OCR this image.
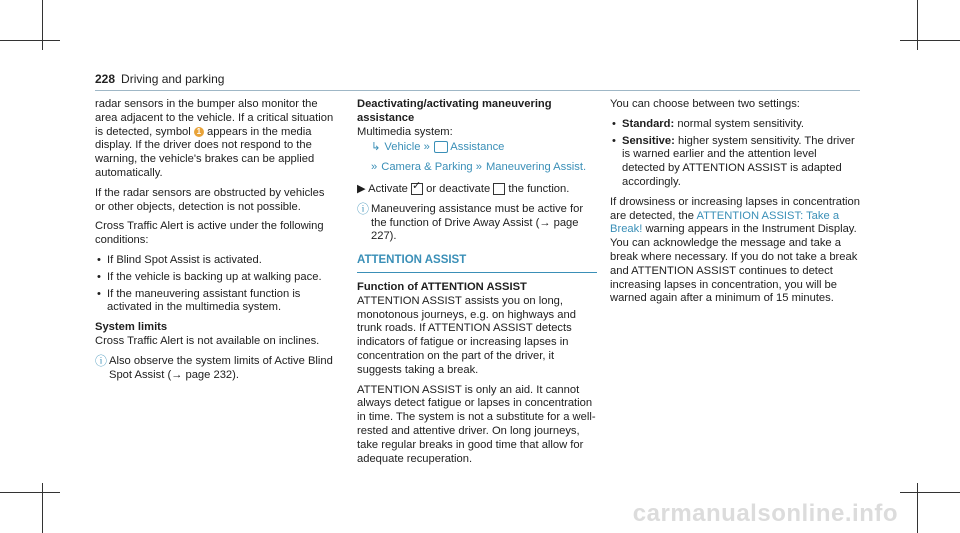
228 Driving and parking

radar sensors in the bumper also monitor the area adjacent to the vehicle. If a critical situation is detected, symbol 1 appears in the media display. If the driver does not respond to the warning, the vehicle's brakes can be applied automatically.

If the radar sensors are obstructed by vehicles or other objects, detection is not possible.

Cross Traffic Alert is active under the following conditions:

• If Blind Spot Assist is activated.
• If the vehicle is backing up at walking pace.
• If the maneuvering assistant function is activated in the multimedia system.

System limits

Cross Traffic Alert is not available on inclines.

ⓘ Also observe the system limits of Active Blind Spot Assist (→ page 232).

Deactivating/activating maneuvering assistance

Multimedia system:

↳ Vehicle » Assistance

» Camera & Parking » Maneuvering Assist.

▶ Activate ✓ or deactivate the function.

ⓘ Maneuvering assistance must be active for the function of Drive Away Assist (→ page 227).
ATTENTION ASSIST

Function of ATTENTION ASSIST

ATTENTION ASSIST assists you on long, monotonous journeys, e.g. on highways and trunk roads. If ATTENTION ASSIST detects indicators of fatigue or increasing lapses in concentration on the part of the driver, it suggests taking a break.

ATTENTION ASSIST is only an aid. It cannot always detect fatigue or lapses in concentration in time. The system is not a substitute for a well-rested and attentive driver. On long journeys, take regular breaks in good time that allow for adequate recuperation.

You can choose between two settings:

• Standard: normal system sensitivity.
• Sensitive: higher system sensitivity. The driver is warned earlier and the attention level detected by ATTENTION ASSIST is adapted accordingly.

If drowsiness or increasing lapses in concentration are detected, the ATTENTION ASSIST: Take a Break! warning appears in the Instrument Display. You can acknowledge the message and take a break where necessary. If you do not take a break and ATTENTION ASSIST continues to detect increasing lapses in concentration, you will be warned again after a minimum of 15 minutes.

carmanualsonline.info
